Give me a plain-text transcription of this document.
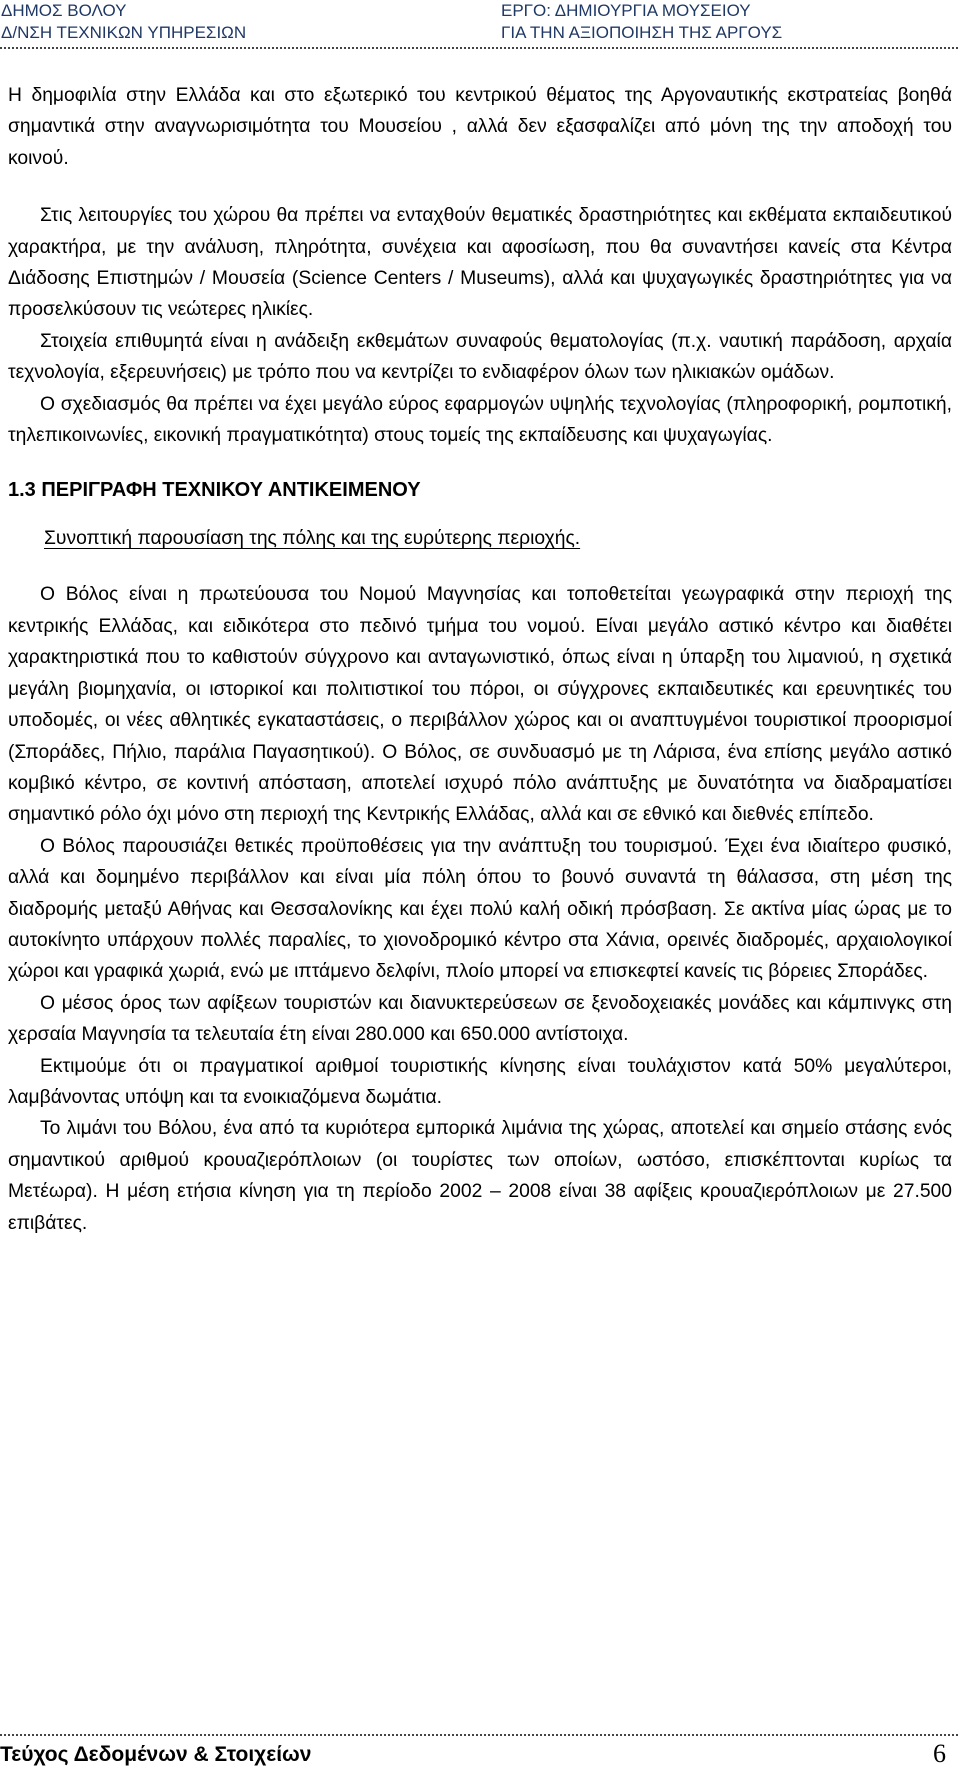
ΔΗΜΟΣ ΒΟΛΟΥ
Δ/ΝΣΗ ΤΕΧΝΙΚΩΝ ΥΠΗΡΕΣΙΩΝ
ΕΡΓΟ: ΔΗΜΙΟΥΡΓΙΑ ΜΟΥΣΕΙΟΥ
ΓΙΑ ΤΗΝ ΑΞΙΟΠΟΙΗΣΗ ΤΗΣ ΑΡΓΟΥΣ

Η δημοφιλία στην Ελλάδα και στο εξωτερικό του κεντρικού θέματος της Αργοναυτικής εκστρατείας βοηθά σημαντικά στην αναγνωρισιμότητα του Μουσείου , αλλά δεν εξασφαλίζει από μόνη της την αποδοχή του κοινού.

Στις λειτουργίες του χώρου θα πρέπει να ενταχθούν θεματικές δραστηριότητες και εκθέματα εκπαιδευτικού χαρακτήρα, με την ανάλυση, πληρότητα, συνέχεια και αφοσίωση, που θα συναντήσει κανείς στα Κέντρα Διάδοσης Επιστημών / Μουσεία (Science Centers / Museums), αλλά και ψυχαγωγικές δραστηριότητες για να προσελκύσουν τις νεώτερες ηλικίες.

Στοιχεία επιθυμητά είναι η ανάδειξη εκθεμάτων συναφούς θεματολογίας (π.χ. ναυτική παράδοση, αρχαία τεχνολογία, εξερευνήσεις) με τρόπο που να κεντρίζει το ενδιαφέρον όλων των ηλικιακών ομάδων.

Ο σχεδιασμός θα πρέπει να έχει μεγάλο εύρος εφαρμογών υψηλής τεχνολογίας (πληροφορική, ρομποτική, τηλεπικοινωνίες, εικονική πραγματικότητα) στους τομείς της εκπαίδευσης και ψυχαγωγίας.

1.3 ΠΕΡΙΓΡΑΦΗ ΤΕΧΝΙΚΟΥ ΑΝΤΙΚΕΙΜΕΝΟΥ
Συνοπτική παρουσίαση της πόλης και της ευρύτερης περιοχής.

Ο Βόλος είναι η πρωτεύουσα του Νομού Μαγνησίας και τοποθετείται γεωγραφικά στην περιοχή της κεντρικής Ελλάδας, και ειδικότερα στο πεδινό τμήμα του νομού. Είναι μεγάλο αστικό κέντρο και διαθέτει χαρακτηριστικά που το καθιστούν σύγχρονο και ανταγωνιστικό, όπως είναι η ύπαρξη του λιμανιού, η σχετικά μεγάλη βιομηχανία, οι ιστορικοί και πολιτιστικοί του πόροι, οι σύγχρονες εκπαιδευτικές και ερευνητικές του υποδομές, οι νέες αθλητικές εγκαταστάσεις, ο περιβάλλον χώρος και οι αναπτυγμένοι τουριστικοί προορισμοί (Σποράδες, Πήλιο, παράλια Παγασητικού). Ο Βόλος, σε συνδυασμό με τη Λάρισα, ένα επίσης μεγάλο αστικό κομβικό κέντρο, σε κοντινή απόσταση, αποτελεί ισχυρό πόλο ανάπτυξης με δυνατότητα να διαδραματίσει σημαντικό ρόλο όχι μόνο στη περιοχή της Κεντρικής Ελλάδας, αλλά και σε εθνικό και διεθνές επίπεδο.

Ο Βόλος παρουσιάζει θετικές προϋποθέσεις για την ανάπτυξη του τουρισμού. Έχει ένα ιδιαίτερο φυσικό, αλλά και δομημένο περιβάλλον και είναι μία πόλη όπου το βουνό συναντά τη θάλασσα, στη μέση της διαδρομής μεταξύ Αθήνας και Θεσσαλονίκης και έχει πολύ καλή οδική πρόσβαση. Σε ακτίνα μίας ώρας με το αυτοκίνητο υπάρχουν πολλές παραλίες, το χιονοδρομικό κέντρο στα Χάνια, ορεινές διαδρομές, αρχαιολογικοί χώροι και γραφικά χωριά, ενώ με ιπτάμενο δελφίνι, πλοίο μπορεί να επισκεφτεί κανείς τις βόρειες Σποράδες.

Ο μέσος όρος των αφίξεων τουριστών και διανυκτερεύσεων σε ξενοδοχειακές μονάδες και κάμπινγκς στη χερσαία Μαγνησία τα τελευταία έτη είναι 280.000 και 650.000 αντίστοιχα.

Εκτιμούμε ότι οι πραγματικοί αριθμοί τουριστικής κίνησης είναι τουλάχιστον κατά 50% μεγαλύτεροι, λαμβάνοντας υπόψη και τα ενοικιαζόμενα δωμάτια.

Το λιμάνι του Βόλου, ένα από τα κυριότερα εμπορικά λιμάνια της χώρας, αποτελεί και σημείο στάσης ενός σημαντικού αριθμού κρουαζιερόπλοιων (οι τουρίστες των οποίων, ωστόσο, επισκέπτονται κυρίως τα Μετέωρα). Η μέση ετήσια κίνηση για τη περίοδο 2002 – 2008 είναι 38 αφίξεις κρουαζιερόπλοιων με 27.500 επιβάτες.

Τεύχος Δεδομένων & Στοιχείων	6
